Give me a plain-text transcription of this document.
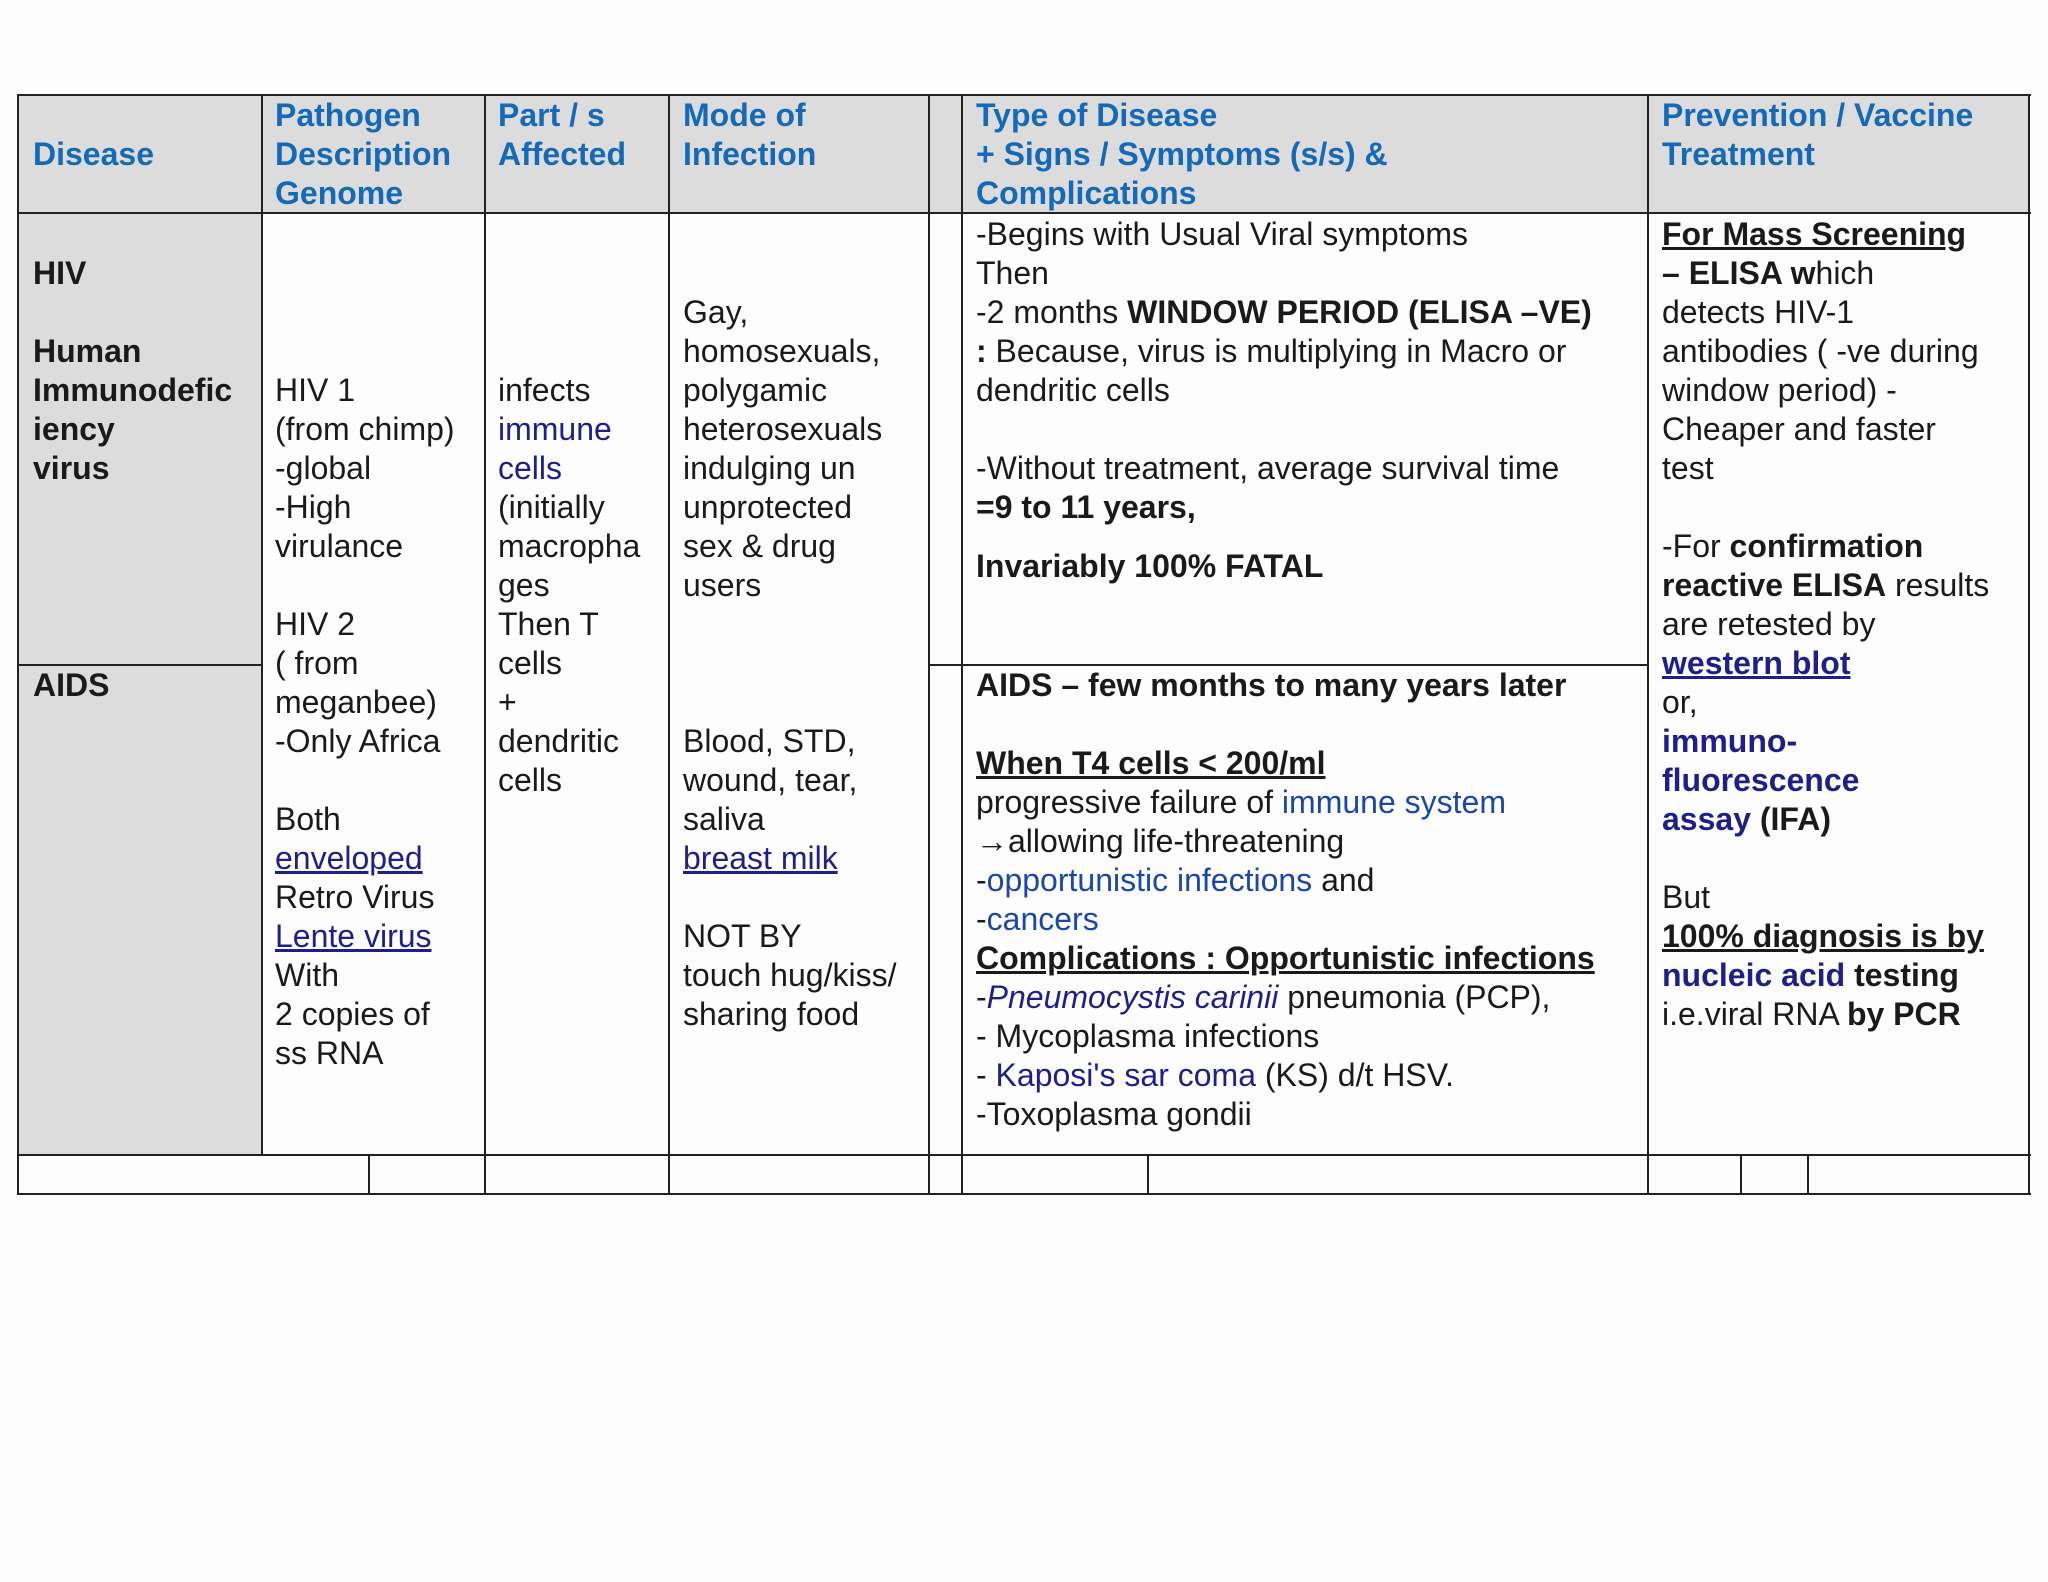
Disease
Pathogen
Description
Genome
Part / s
Affected
Mode of
Infection
Type of Disease
+ Signs / Symptoms (s/s) &
Complications
Prevention / Vaccine
Treatment
HIV
Human
Immunodefic
iency
virus
AIDS
HIV 1
(from chimp)
-global
-High
virulance

HIV 2
( from
meganbee)
-Only Africa

Both
enveloped
Retro Virus
Lente virus
With
2 copies of
ss RNA
infects
immune
cells
(initially
macropha
ges
Then T
cells
+
dendritic
cells
Gay,
homosexuals,
polygamic
heterosexuals
indulging un
unprotected
sex & drug
users

Blood, STD,
wound, tear,
saliva
breast milk

NOT BY
touch hug/kiss/
sharing food
-Begins with Usual Viral symptoms
Then
-2 months WINDOW PERIOD (ELISA –VE)
: Because, virus is multiplying in Macro or
dendritic cells

-Without treatment, average survival time
=9 to 11 years,
Invariably 100% FATAL
AIDS – few months to many years later
When T4 cells < 200/ml
progressive failure of immune system
→allowing life-threatening
-opportunistic infections and
-cancers
Complications : Opportunistic infections
-Pneumocystis carinii pneumonia (PCP),
- Mycoplasma infections
- Kaposi's sar coma (KS) d/t HSV.
-Toxoplasma gondii
For Mass Screening
– ELISA which
detects HIV-1
antibodies ( -ve during
window period) -
Cheaper and faster
test

-For confirmation
reactive ELISA results
are retested by
western blot
or,
immuno-
fluorescence
assay (IFA)

But
100% diagnosis is by
nucleic acid testing
i.e.viral RNA by PCR
